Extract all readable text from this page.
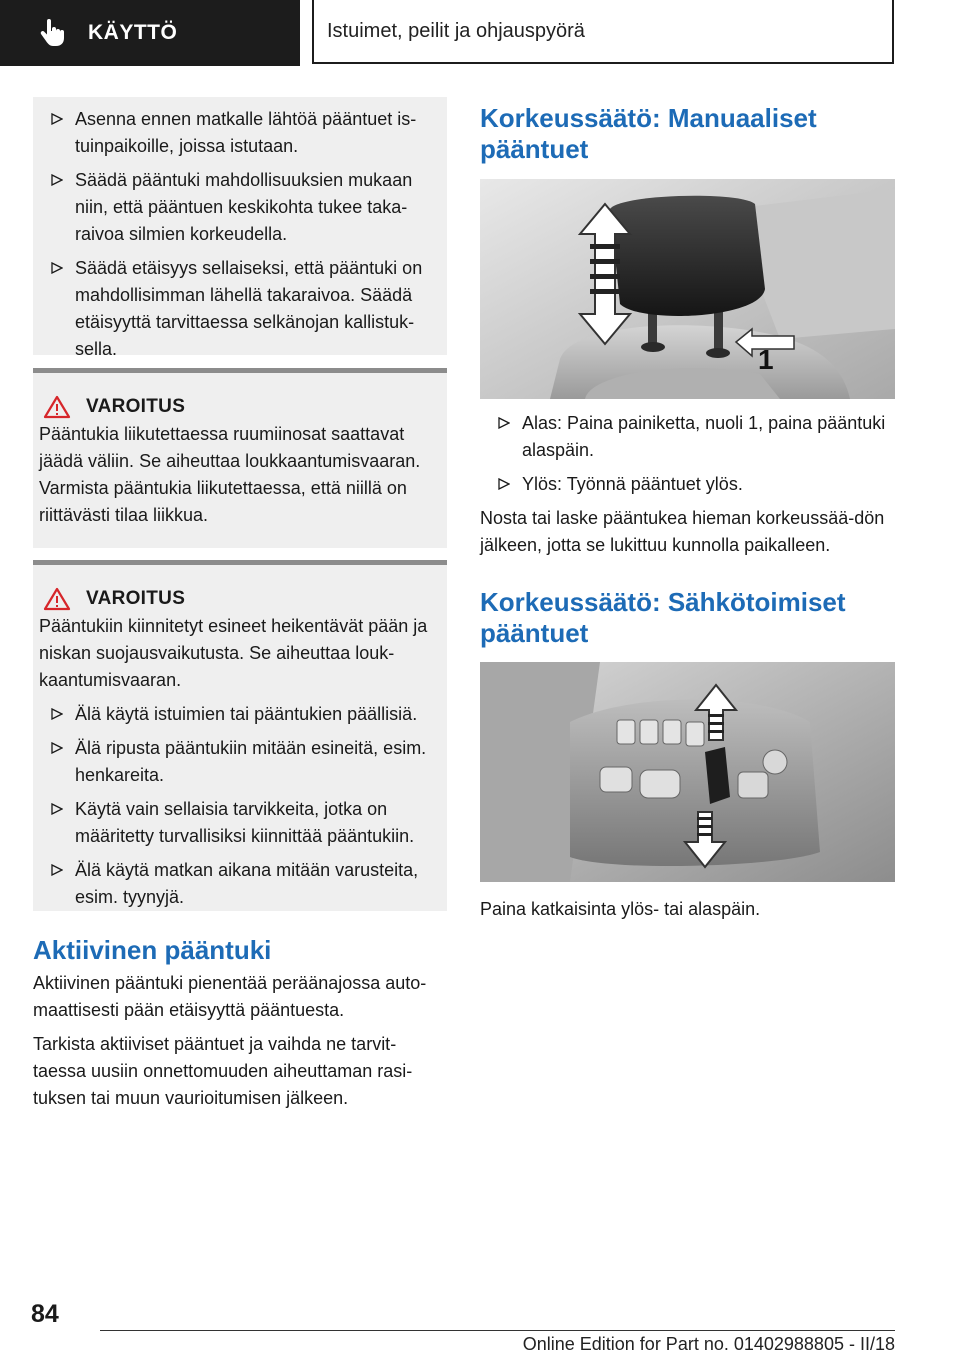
KÄYTTÖ	Istuimet, peilit ja ohjauspyörä
Asenna ennen matkalle lähtöä pääntuet is-tuinpaikoille, joissa istutaan.
Säädä pääntuki mahdollisuuksien mukaan niin, että pääntuen keskikohta tukee taka-raivoa silmien korkeudella.
Säädä etäisyys sellaiseksi, että pääntuki on mahdollisimman lähellä takaraivoa. Säädä etäisyyttä tarvittaessa selkänojan kallistuk-sella.
VAROITUS

Pääntukia liikutettaessa ruumiinosat saattavat jäädä väliin. Se aiheuttaa loukkaantumisvaaran. Varmista pääntukia liikutettaessa, että niillä on riittävästi tilaa liikkua.

VAROITUS

Pääntukiin kiinnitetyt esineet heikentävät pään ja niskan suojausvaikutusta. Se aiheuttaa louk-kaantumisvaaran.

Älä käytä istuimien tai pääntukien päällisiä.
Älä ripusta pääntukiin mitään esineitä, esim. henkareita.
Käytä vain sellaisia tarvikkeita, jotka on määritetty turvallisiksi kiinnittää pääntukiin.
Älä käytä matkan aikana mitään varusteita, esim. tyynyjä.
Aktiivinen pääntuki

Aktiivinen pääntuki pienentää peräänajossa auto-maattisesti pään etäisyyttä pääntuesta.

Tarkista aktiiviset pääntuet ja vaihda ne tarvit-taessa uusiin onnettomuuden aiheuttaman rasi-tuksen tai muun vaurioitumisen jälkeen.

Korkeussäätö: Manuaaliset
pääntuet
1
Alas: Paina painiketta, nuoli 1, paina pääntuki alaspäin.
Ylös: Työnnä pääntuet ylös.

Nosta tai laske pääntukea hieman korkeussää-dön jälkeen, jotta se lukittuu kunnolla paikalleen.

Korkeussäätö: Sähkötoimiset
pääntuet

Paina katkaisinta ylös- tai alaspäin.

84
Online Edition for Part no. 01402988805 - II/18
